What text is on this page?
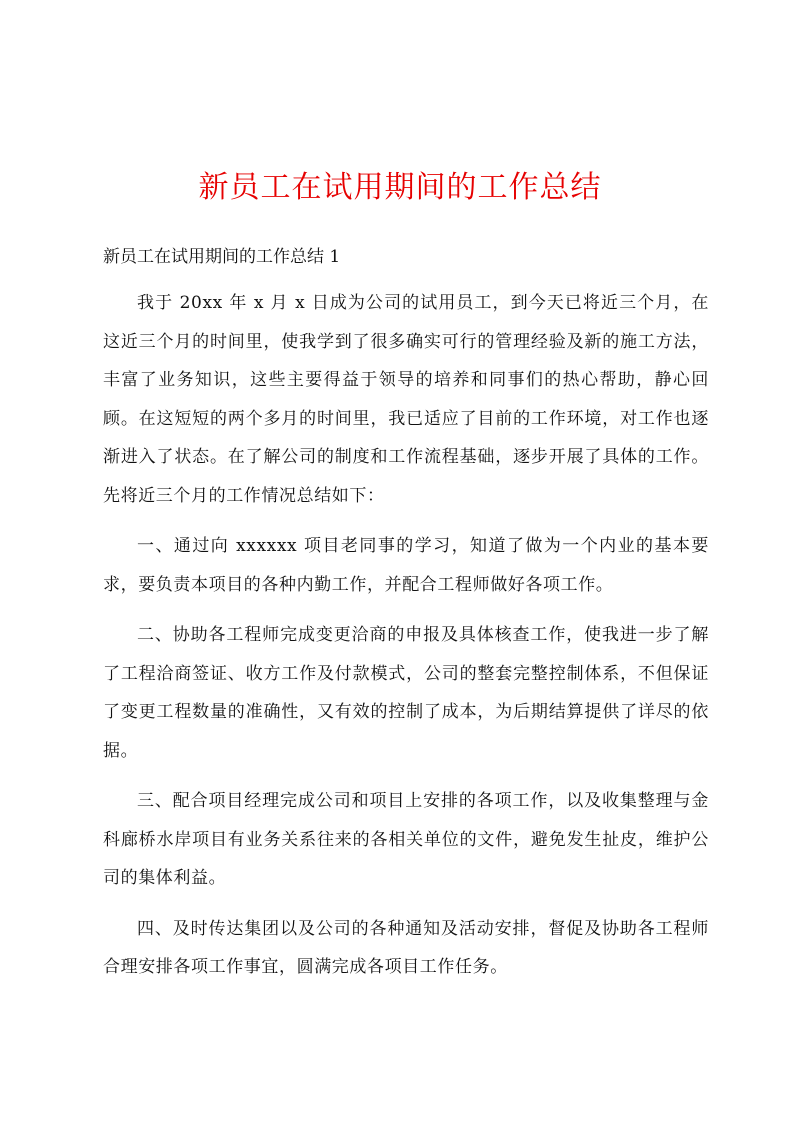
新员工在试用期间的工作总结
新员工在试用期间的工作总结 1

我于 20xx 年 x 月 x 日成为公司的试用员工，到今天已将近三个月，在这近三个月的时间里，使我学到了很多确实可行的管理经验及新的施工方法，丰富了业务知识，这些主要得益于领导的培养和同事们的热心帮助，静心回顾。在这短短的两个多月的时间里，我已适应了目前的工作环境，对工作也逐渐进入了状态。在了解公司的制度和工作流程基础，逐步开展了具体的工作。先将近三个月的工作情况总结如下：

一、通过向 xxxxxx 项目老同事的学习，知道了做为一个内业的基本要求，要负责本项目的各种内勤工作，并配合工程师做好各项工作。

二、协助各工程师完成变更洽商的申报及具体核查工作，使我进一步了解了工程洽商签证、收方工作及付款模式，公司的整套完整控制体系，不但保证了变更工程数量的准确性，又有效的控制了成本，为后期结算提供了详尽的依据。

三、配合项目经理完成公司和项目上安排的各项工作，以及收集整理与金科廊桥水岸项目有业务关系往来的各相关单位的文件，避免发生扯皮，维护公司的集体利益。

四、及时传达集团以及公司的各种通知及活动安排，督促及协助各工程师合理安排各项工作事宜，圆满完成各项目工作任务。
